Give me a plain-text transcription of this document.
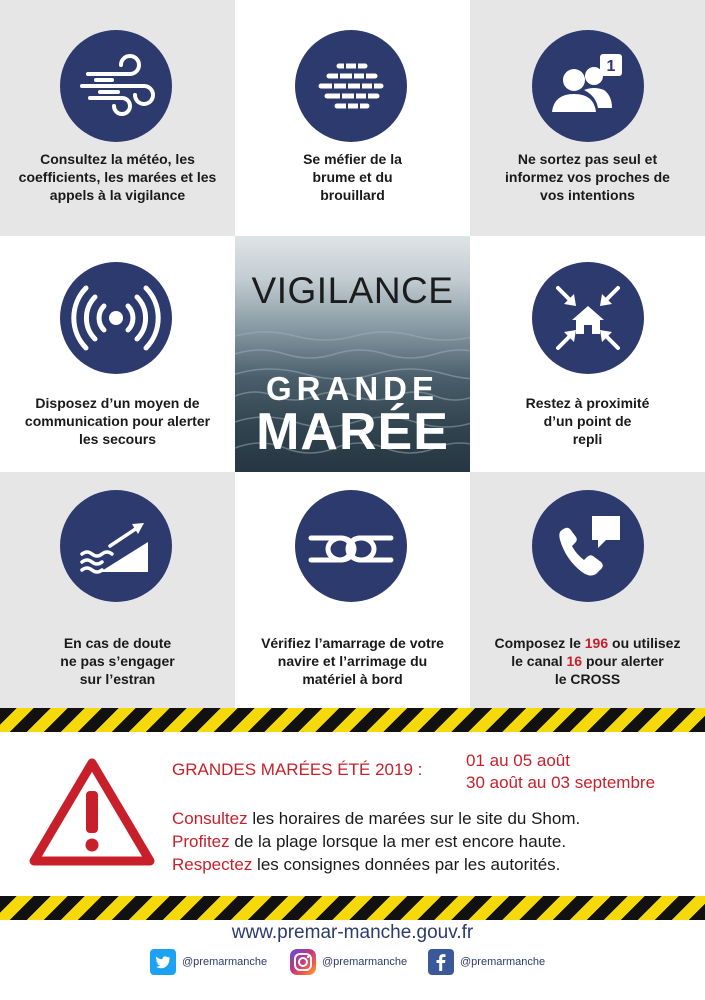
Consultez la météo, les
coefficients, les marées et les
appels à la vigilance
Se méfier de la
brume et du
brouillard
1
Ne sortez pas seul et
informez vos proches de
vos intentions
Disposez d’un moyen de
communication pour alerter
les secours
VIGILANCE
GRANDE
MARÉE	Restez à proximité
d’un point de
repli
En cas de doute
ne pas s’engager
sur l’estran
Vérifiez l’amarrage de votre
navire et l’arrimage du
matériel à bord
Composez le 196 ou utilisez
le canal 16 pour alerter
le CROSS
GRANDES MARÉES ÉTÉ 2019 :	01 au 05 août
30 août au 03 septembre
Consultez les horaires de marées sur le site du Shom.
Profitez de la plage lorsque la mer est encore haute.
Respectez les consignes données par les autorités.
www.premar-manche.gouv.fr
@premarmanche	@premarmanche	@premarmanche
